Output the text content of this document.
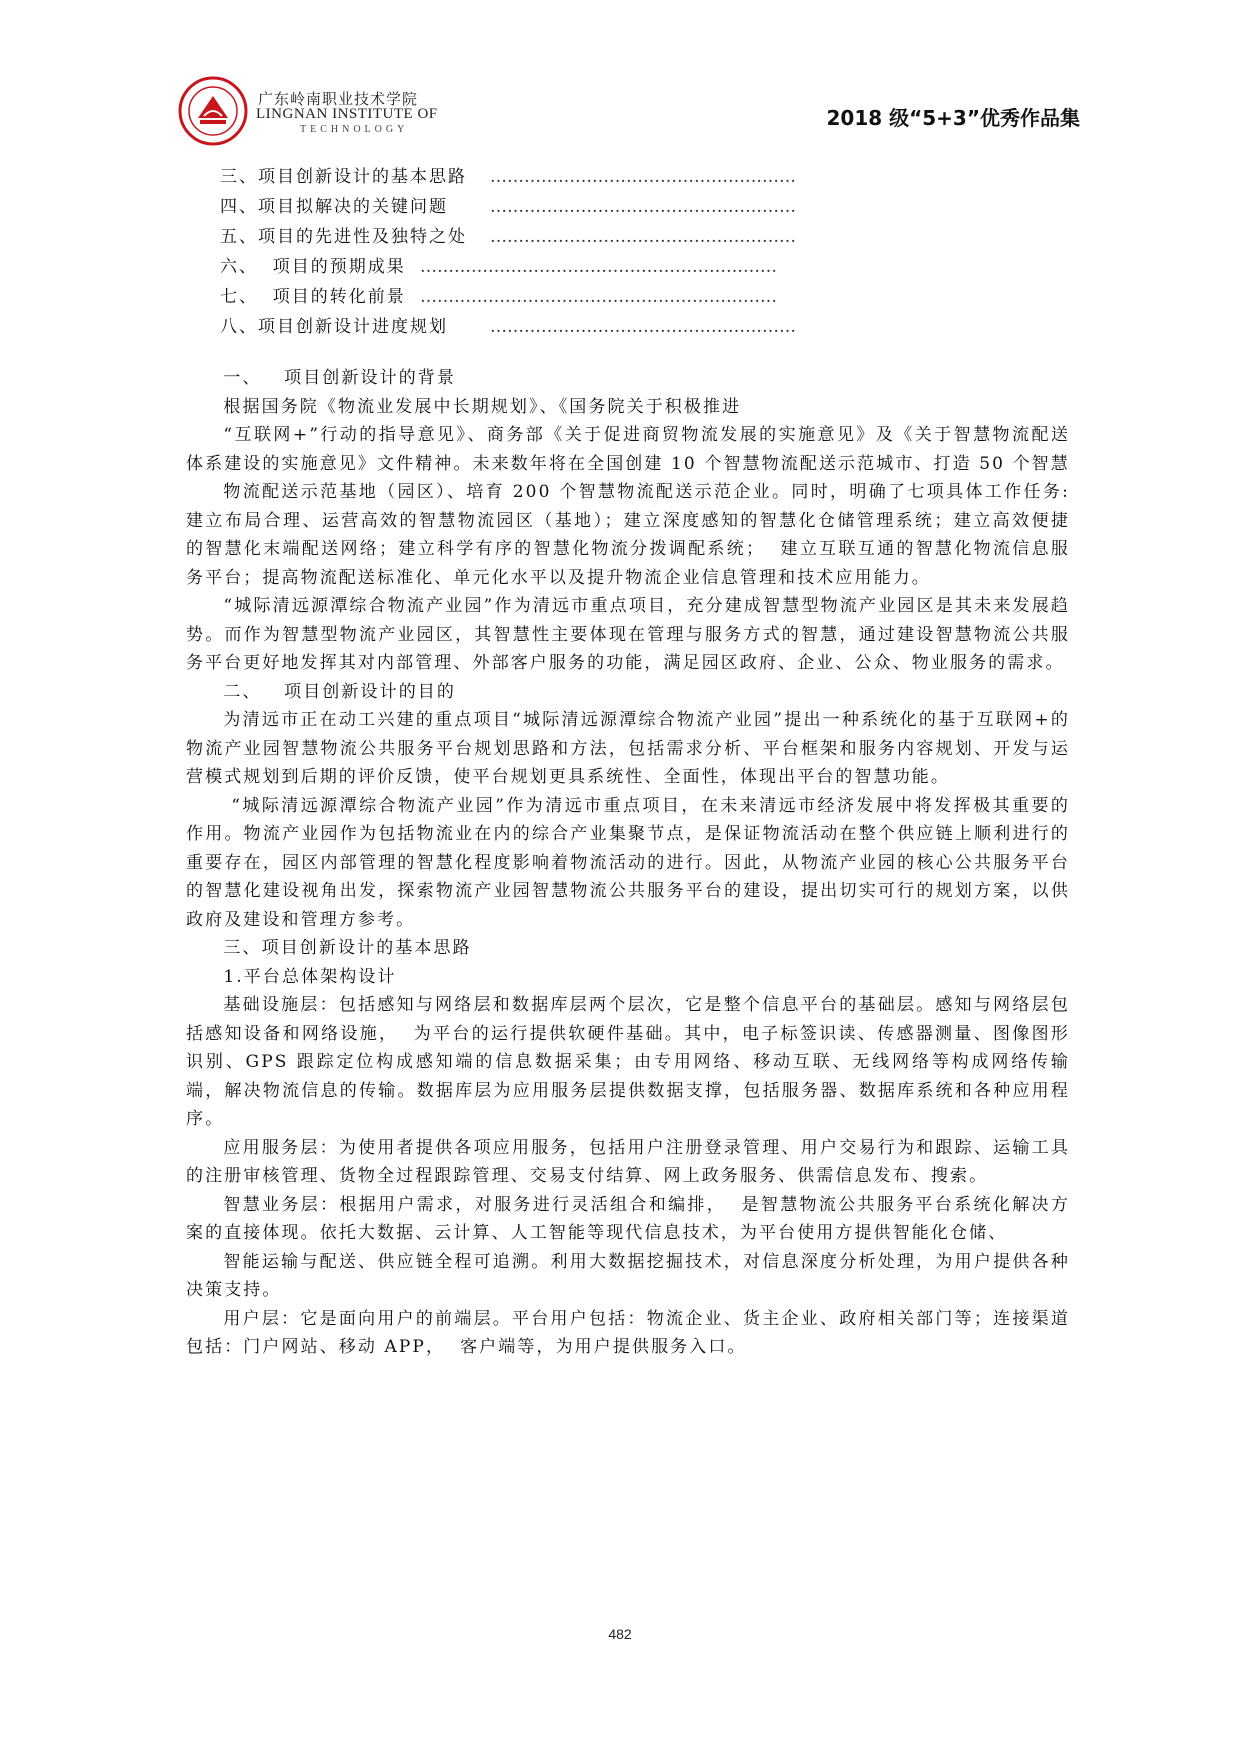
广东岭南职业技术学院
LINGNAN INSTITUTE OF
TECHNOLOGY	2018 级“5+3”优秀作品集
三、项目创新设计的基本思路 ………………………………………………
四、项目拟解决的关键问题 ………………………………………………
五、项目的先进性及独特之处 ………………………………………………
六、  项目的预期成果 ………………………………………………………
七、  项目的转化前景 ………………………………………………………
八、项目创新设计进度规划 ………………………………………………

一、   项目创新设计的背景

根据国务院《物流业发展中长期规划》、《国务院关于积极推进

“互联网+”行动的指导意见》、商务部《关于促进商贸物流发展的实施意见》及《关于智慧物流配送体系建设的实施意见》文件精神。未来数年将在全国创建 10 个智慧物流配送示范城市、打造 50 个智慧

物流配送示范基地（园区）、培育 200 个智慧物流配送示范企业。同时，明确了七项具体工作任务:建立布局合理、运营高效的智慧物流园区（基地）；建立深度感知的智慧化仓储管理系统；建立高效便捷的智慧化末端配送网络；建立科学有序的智慧化物流分拨调配系统；  建立互联互通的智慧化物流信息服务平台；提高物流配送标准化、单元化水平以及提升物流企业信息管理和技术应用能力。

“城际清远源潭综合物流产业园”作为清远市重点项目，充分建成智慧型物流产业园区是其未来发展趋势。而作为智慧型物流产业园区，其智慧性主要体现在管理与服务方式的智慧，通过建设智慧物流公共服务平台更好地发挥其对内部管理、外部客户服务的功能，满足园区政府、企业、公众、物业服务的需求。

二、   项目创新设计的目的

为清远市正在动工兴建的重点项目“城际清远源潭综合物流产业园”提出一种系统化的基于互联网+的物流产业园智慧物流公共服务平台规划思路和方法，包括需求分析、平台框架和服务内容规划、开发与运营模式规划到后期的评价反馈，使平台规划更具系统性、全面性，体现出平台的智慧功能。

“城际清远源潭综合物流产业园”作为清远市重点项目，在未来清远市经济发展中将发挥极其重要的作用。物流产业园作为包括物流业在内的综合产业集聚节点，是保证物流活动在整个供应链上顺利进行的重要存在，园区内部管理的智慧化程度影响着物流活动的进行。因此，从物流产业园的核心公共服务平台的智慧化建设视角出发，探索物流产业园智慧物流公共服务平台的建设，提出切实可行的规划方案，以供政府及建设和管理方参考。

三、项目创新设计的基本思路

1.平台总体架构设计

基础设施层：包括感知与网络层和数据库层两个层次，它是整个信息平台的基础层。感知与网络层包括感知设备和网络设施，  为平台的运行提供软硬件基础。其中，电子标签识读、传感器测量、图像图形识别、GPS 跟踪定位构成感知端的信息数据采集；由专用网络、移动互联、无线网络等构成网络传输端，解决物流信息的传输。数据库层为应用服务层提供数据支撑，包括服务器、数据库系统和各种应用程序。

应用服务层：为使用者提供各项应用服务，包括用户注册登录管理、用户交易行为和跟踪、运输工具的注册审核管理、货物全过程跟踪管理、交易支付结算、网上政务服务、供需信息发布、搜索。

智慧业务层：根据用户需求，对服务进行灵活组合和编排，  是智慧物流公共服务平台系统化解决方案的直接体现。依托大数据、云计算、人工智能等现代信息技术，为平台使用方提供智能化仓储、

智能运输与配送、供应链全程可追溯。利用大数据挖掘技术，对信息深度分析处理，为用户提供各种决策支持。

用户层：它是面向用户的前端层。平台用户包括：物流企业、货主企业、政府相关部门等；连接渠道包括：门户网站、移动 APP，  客户端等，为用户提供服务入口。

482
